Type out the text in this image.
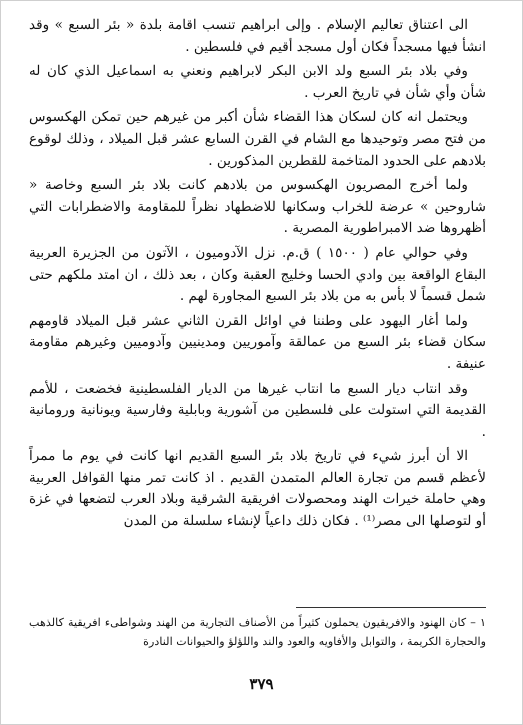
الى اعتناق تعاليم الإسلام . وإلى ابراهيم تنسب اقامة بلدة « بئر السبع » وقد انشأ فيها مسجداً فكان أول مسجد أقيم في فلسطين .

وفي بلاد بئر السبع ولد الابن البكر لابراهيم ونعني به اسماعيل الذي كان له شأن وأي شأن في تاريخ العرب .

ويحتمل انه كان لسكان هذا القضاء شأن أكبر من غيرهم حين تمكن الهكسوس من فتح مصر وتوحيدها مع الشام في القرن السابع عشر قبل الميلاد ، وذلك لوقوع بلادهم على الحدود المتاخمة للقطرين المذكورين .

ولما أخرج المصريون الهكسوس من بلادهم كانت بلاد بئر السبع وخاصة « شاروحين » عرضة للخراب وسكانها للاضطهاد نظراً للمقاومة والاضطرابات التي أظهروها ضد الامبراطورية المصرية .

وفي حوالي عام ( ١٥٠٠ ) ق.م. نزل الآدوميون ، الآتون من الجزيرة العربية البقاع الواقعة بين وادي الحسا وخليج العقبة وكان ، بعد ذلك ، ان امتد ملكهم حتى شمل قسماً لا بأس به من بلاد بئر السبع المجاورة لهم .

ولما أغار اليهود على وطننا في اوائل القرن الثاني عشر قبل الميلاد قاومهم سكان قضاء بئر السبع من عمالقة وآموريين ومدينيين وآدوميين وغيرهم مقاومة عنيفة .

وقد انتاب ديار السبع ما انتاب غيرها من الديار الفلسطينية فخضعت ، للأمم القديمة التي استولت على فلسطين من آشورية وبابلية وفارسية ويونانية ورومانية .

الا أن أبرز شيء في تاريخ بلاد بئر السبع القديم انها كانت في يوم ما ممراً لأعظم قسم من تجارة العالم المتمدن القديم . اذ كانت تمر منها القوافل العربية وهي حاملة خيرات الهند ومحصولات افريقية الشرقية وبلاد العرب لتضعها في غزة أو لتوصلها الى مصر⁽¹⁾ . فكان ذلك داعياً لإنشاء سلسلة من المدن

١ – كان الهنود والافريقيون يحملون كثيراً من الأصناف التجارية من الهند وشواطىء افريقية كالذهب والحجارة الكريمة ، والتوابل والأفاويه والعود والند واللؤلؤ والحيوانات النادرة
٣٧٩
